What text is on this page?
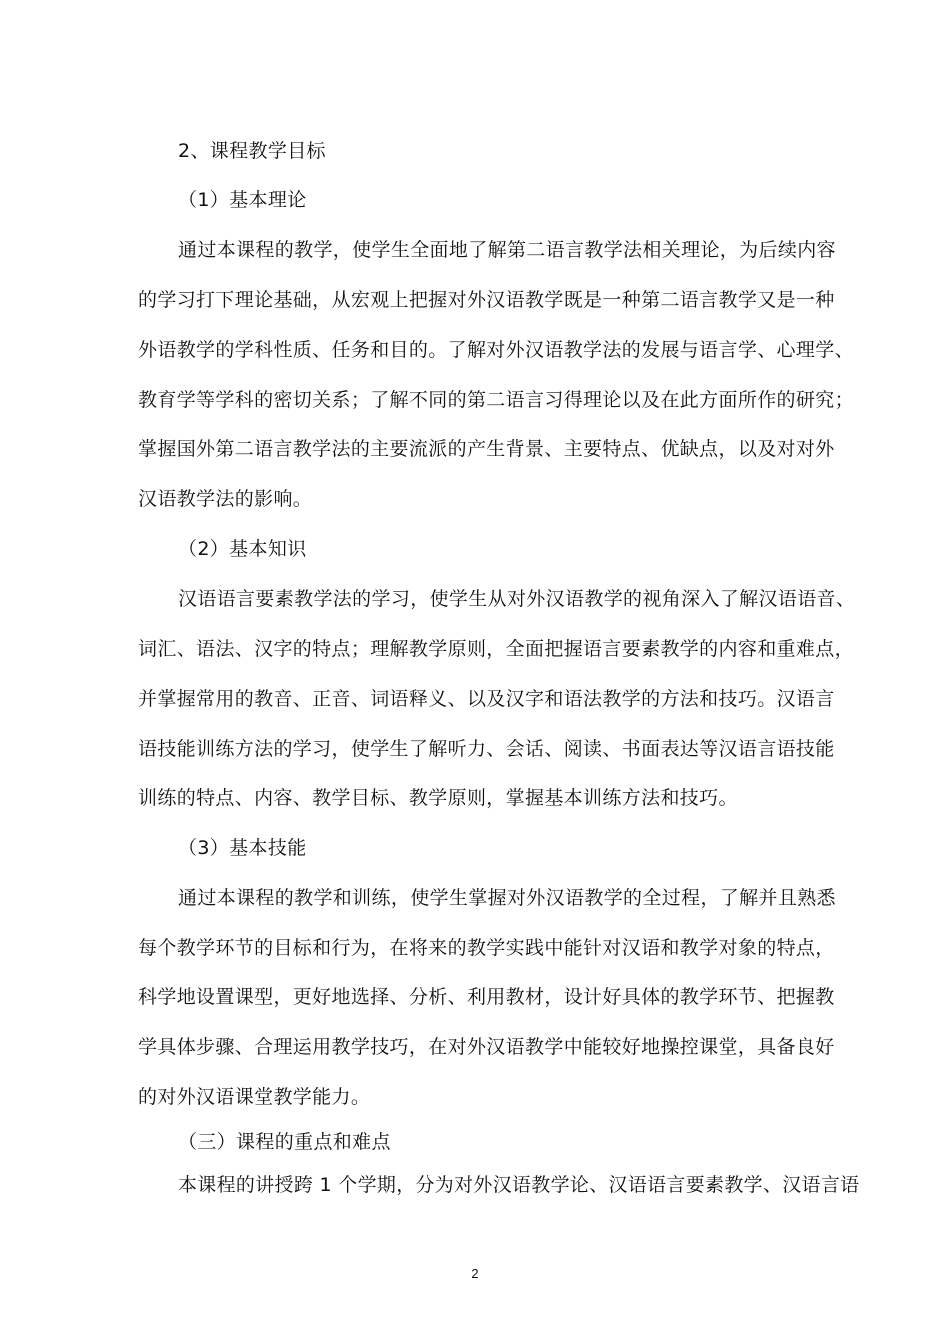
2、课程教学目标
（1）基本理论
通过本课程的教学，使学生全面地了解第二语言教学法相关理论，为后续内容
的学习打下理论基础，从宏观上把握对外汉语教学既是一种第二语言教学又是一种
外语教学的学科性质、任务和目的。了解对外汉语教学法的发展与语言学、心理学、
教育学等学科的密切关系；了解不同的第二语言习得理论以及在此方面所作的研究；
掌握国外第二语言教学法的主要流派的产生背景、主要特点、优缺点，以及对对外
汉语教学法的影响。
（2）基本知识
汉语语言要素教学法的学习，使学生从对外汉语教学的视角深入了解汉语语音、
词汇、语法、汉字的特点；理解教学原则，全面把握语言要素教学的内容和重难点，
并掌握常用的教音、正音、词语释义、以及汉字和语法教学的方法和技巧。汉语言
语技能训练方法的学习，使学生了解听力、会话、阅读、书面表达等汉语言语技能
训练的特点、内容、教学目标、教学原则，掌握基本训练方法和技巧。
（3）基本技能
通过本课程的教学和训练，使学生掌握对外汉语教学的全过程，了解并且熟悉
每个教学环节的目标和行为，在将来的教学实践中能针对汉语和教学对象的特点，
科学地设置课型，更好地选择、分析、利用教材，设计好具体的教学环节、把握教
学具体步骤、合理运用教学技巧，在对外汉语教学中能较好地操控课堂，具备良好
的对外汉语课堂教学能力。
（三）课程的重点和难点
本课程的讲授跨 1 个学期，分为对外汉语教学论、汉语语言要素教学、汉语言语
2
